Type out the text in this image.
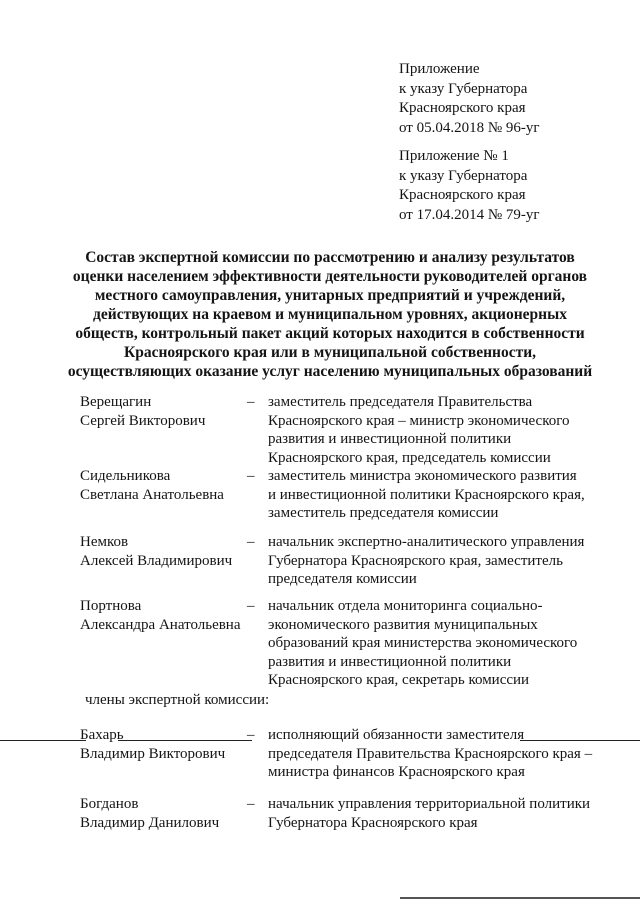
Приложение
к указу Губернатора
Красноярского края
от 05.04.2018 № 96-уг
Приложение № 1
к указу Губернатора
Красноярского края
от 17.04.2014 № 79-уг
Состав экспертной комиссии по рассмотрению и анализу результатов
оценки населением эффективности деятельности руководителей органов
местного самоуправления, унитарных предприятий и учреждений,
действующих на краевом и муниципальном уровнях, акционерных
обществ, контрольный пакет акций которых находится в собственности
Красноярского края или в муниципальной собственности,
осуществляющих оказание услуг населению муниципальных образований
Верещагин
Сергей Викторович
– заместитель председателя Правительства
Красноярского края – министр экономического
развития и инвестиционной политики
Красноярского края, председатель комиссии
Сидельникова
Светлана Анатольевна
– заместитель министра экономического развития
и инвестиционной политики Красноярского края,
заместитель председателя комиссии
Немков
Алексей Владимирович
– начальник экспертно-аналитического управления
Губернатора Красноярского края, заместитель
председателя комиссии
Портнова
Александра Анатольевна
– начальник отдела мониторинга социально-
экономического развития муниципальных
образований края министерства экономического
развития и инвестиционной политики
Красноярского края, секретарь комиссии
члены экспертной комиссии:
Бахарь
Владимир Викторович
– исполняющий обязанности заместителя
председателя Правительства Красноярского края –
министра финансов Красноярского края
Богданов
Владимир Данилович
– начальник управления территориальной политики
Губернатора Красноярского края
